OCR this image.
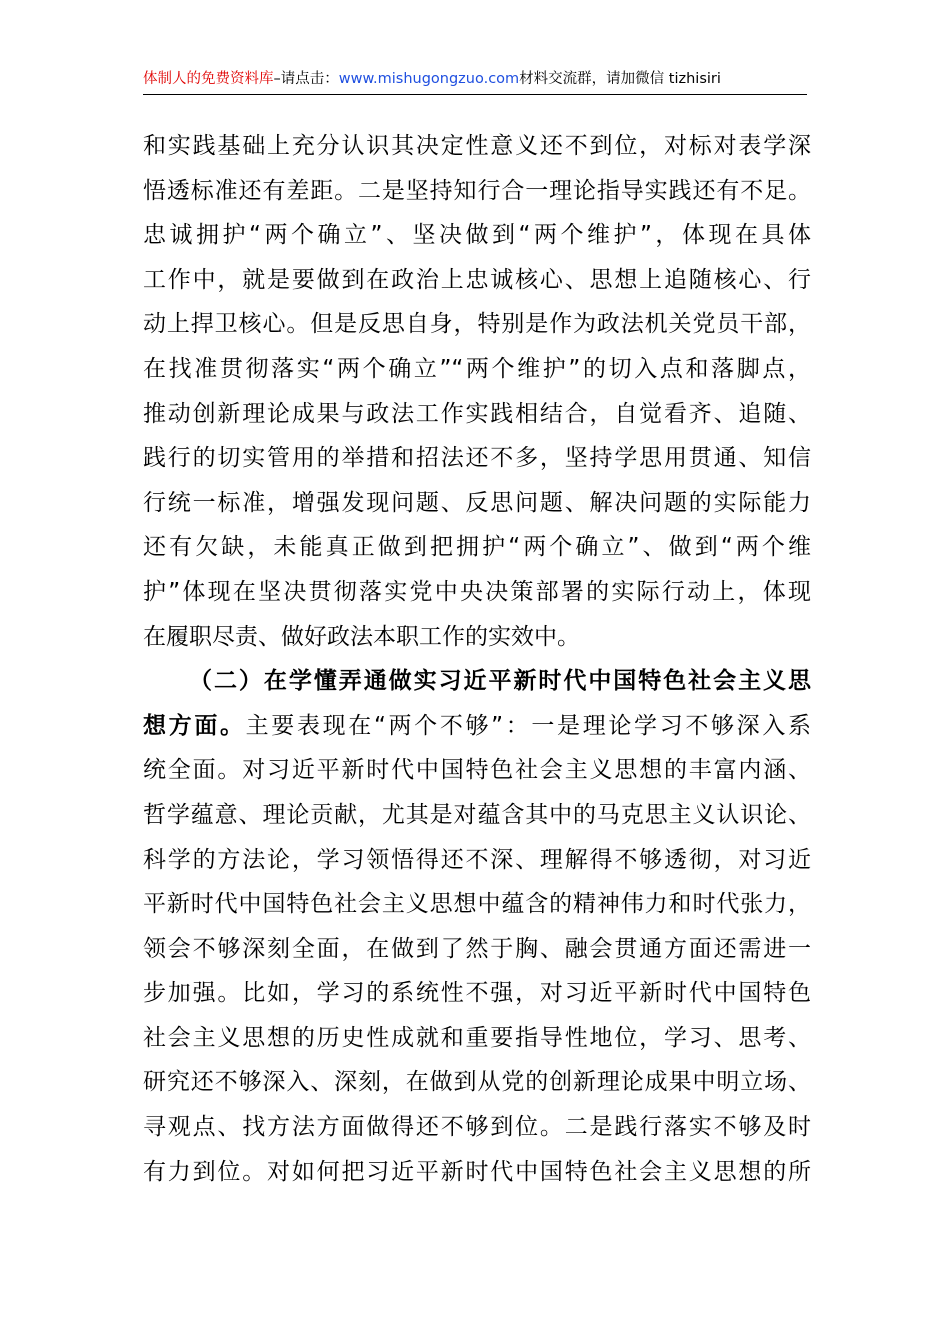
体制人的免费资料库–请点击：www.mishugongzuo.com材料交流群，请加微信 tizhisiri
和实践基础上充分认识其决定性意义还不到位，对标对表学深
悟透标准还有差距。二是坚持知行合一理论指导实践还有不足。
忠诚拥护“两个确立”、坚决做到“两个维护”，体现在具体
工作中，就是要做到在政治上忠诚核心、思想上追随核心、行
动上捍卫核心。但是反思自身，特别是作为政法机关党员干部，
在找准贯彻落实“两个确立”“两个维护”的切入点和落脚点，
推动创新理论成果与政法工作实践相结合，自觉看齐、追随、
践行的切实管用的举措和招法还不多，坚持学思用贯通、知信
行统一标准，增强发现问题、反思问题、解决问题的实际能力
还有欠缺，未能真正做到把拥护“两个确立”、做到“两个维
护”体现在坚决贯彻落实党中央决策部署的实际行动上，体现
在履职尽责、做好政法本职工作的实效中。
（二）在学懂弄通做实习近平新时代中国特色社会主义思
想方面。主要表现在“两个不够”：一是理论学习不够深入系
统全面。对习近平新时代中国特色社会主义思想的丰富内涵、
哲学蕴意、理论贡献，尤其是对蕴含其中的马克思主义认识论、
科学的方法论，学习领悟得还不深、理解得不够透彻，对习近
平新时代中国特色社会主义思想中蕴含的精神伟力和时代张力，
领会不够深刻全面，在做到了然于胸、融会贯通方面还需进一
步加强。比如，学习的系统性不强，对习近平新时代中国特色
社会主义思想的历史性成就和重要指导性地位，学习、思考、
研究还不够深入、深刻，在做到从党的创新理论成果中明立场、
寻观点、找方法方面做得还不够到位。二是践行落实不够及时
有力到位。对如何把习近平新时代中国特色社会主义思想的所
